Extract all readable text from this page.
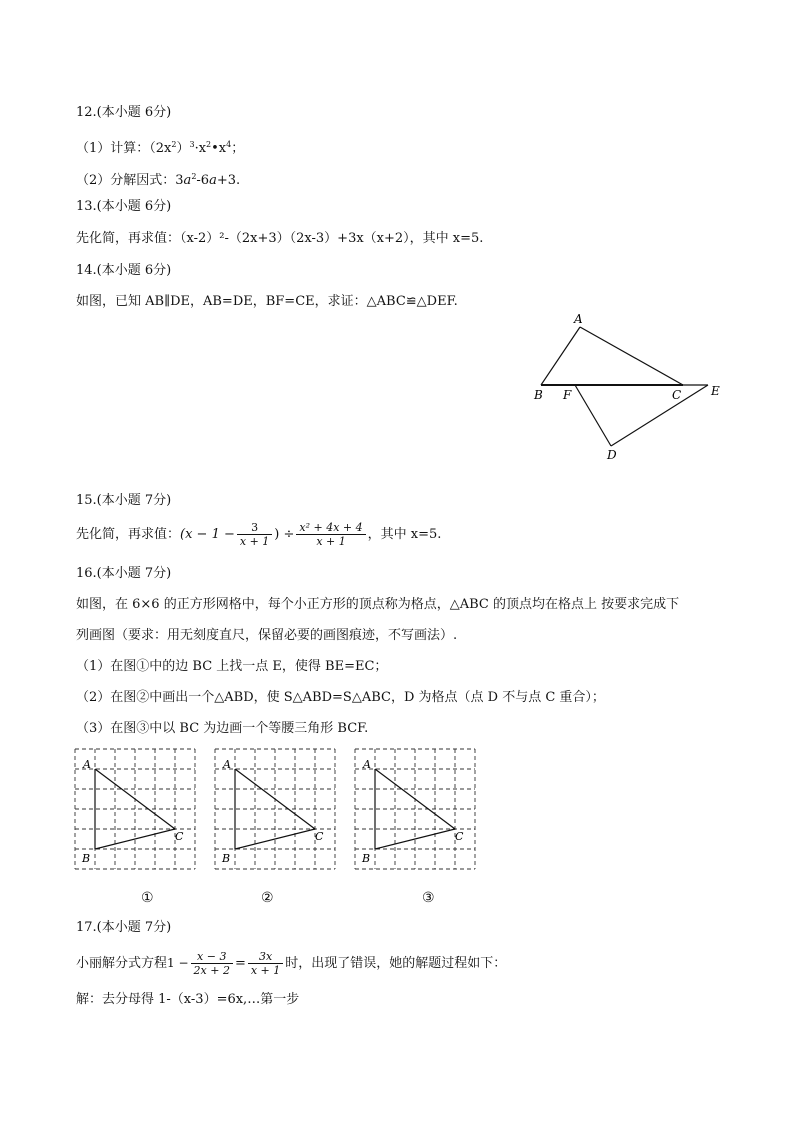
12.(本小题 6分)
（1）计算：$(2x^2)^3\cdot x^2•x^4$；
（2）分解因式：$3a^2-6a+3$.
13.(本小题 6分)
先化简，再求值：（x-2）²-（2x+3）（2x-3）+3x（x+2），其中 x=5.
14.(本小题 6分)
如图，已知 AB∥DE，AB=DE，BF=CE，求证：△ABC≌△DEF.
A
B F	C E
D
15.(本小题 7分)
先化简，再求值：($x - 1 - \frac{3}{x + 1}$ ) ÷ $\frac{\text{x² + 4x + 4}}{x + 1}$ ，其中 x=5.
16.(本小题 7分)
如图，在 6×6 的正方形网格中，每个小正方形的顶点称为格点，△ABC 的顶点均在格点上 按要求完成下
列画图（要求：用无刻度直尺，保留必要的画图痕迹，不写画法）.
（1）在图①中的边 BC 上找一点 E，使得 BE=EC；
（2）在图②中画出一个△ABD，使 S△ABD=S△ABC，D 为格点（点 D 不与点 C 重合）；
（3）在图③中以 BC 为边画一个等腰三角形 BCF.
A
B
C
A
B
C
A
B
C
①	②	③
17.(本小题 7分)
小丽解分式方程$1 - \frac{x - 3}{2x + 2} = \frac{3x}{x + 1}$ 时，出现了错误，她的解题过程如下：
解：去分母得 1-（x-3）=6x,…第一步
